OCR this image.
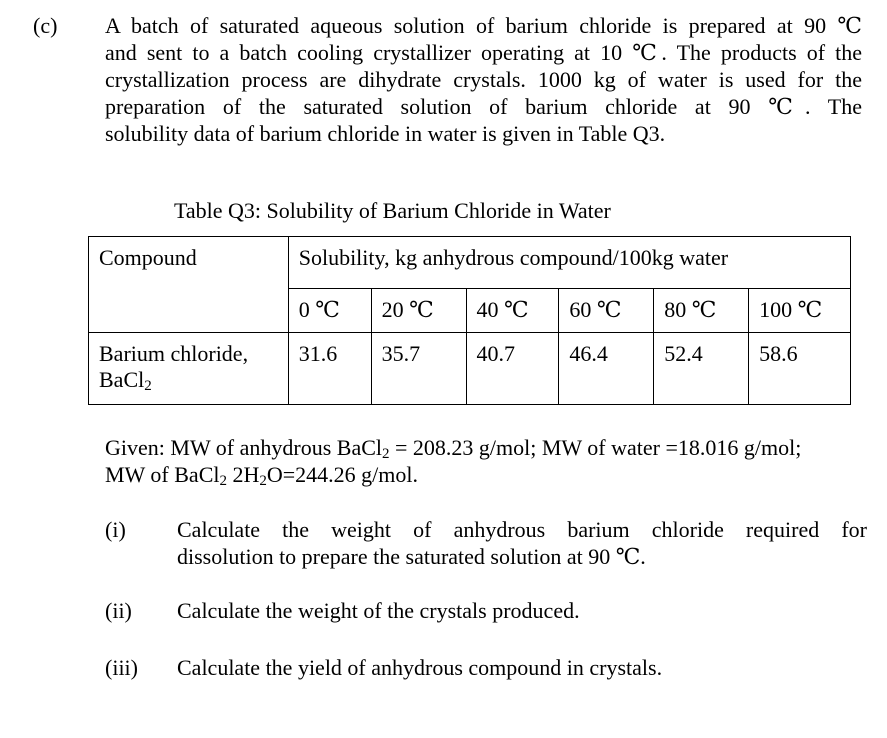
(c) A batch of saturated aqueous solution of barium chloride is prepared at 90 ℃
and sent to a batch cooling crystallizer operating at 10 ℃. The products of the
crystallization process are dihydrate crystals. 1000 kg of water is used for the
preparation of the saturated solution of barium chloride at 90 ℃. The
solubility data of barium chloride in water is given in Table Q3.
Table Q3: Solubility of Barium Chloride in Water
Compound	Solubility, kg anhydrous compound/100kg water					
	0 ℃	20 ℃	40 ℃	60 ℃	80 ℃	100 ℃
Barium chloride,
BaCl$_2$	31.6	35.7	40.7	46.4	52.4	58.6
Given: MW of anhydrous BaCl$_2$ = 208.23 g/mol; MW of water =18.016 g/mol;
MW of BaCl$_2$ $2H_2O=244.26$ g/mol.
(i) Calculate the weight of anhydrous barium chloride required for
dissolution to prepare the saturated solution at 90 ℃.
(ii) Calculate the weight of the crystals produced.
(iii) Calculate the yield of anhydrous compound in crystals.
